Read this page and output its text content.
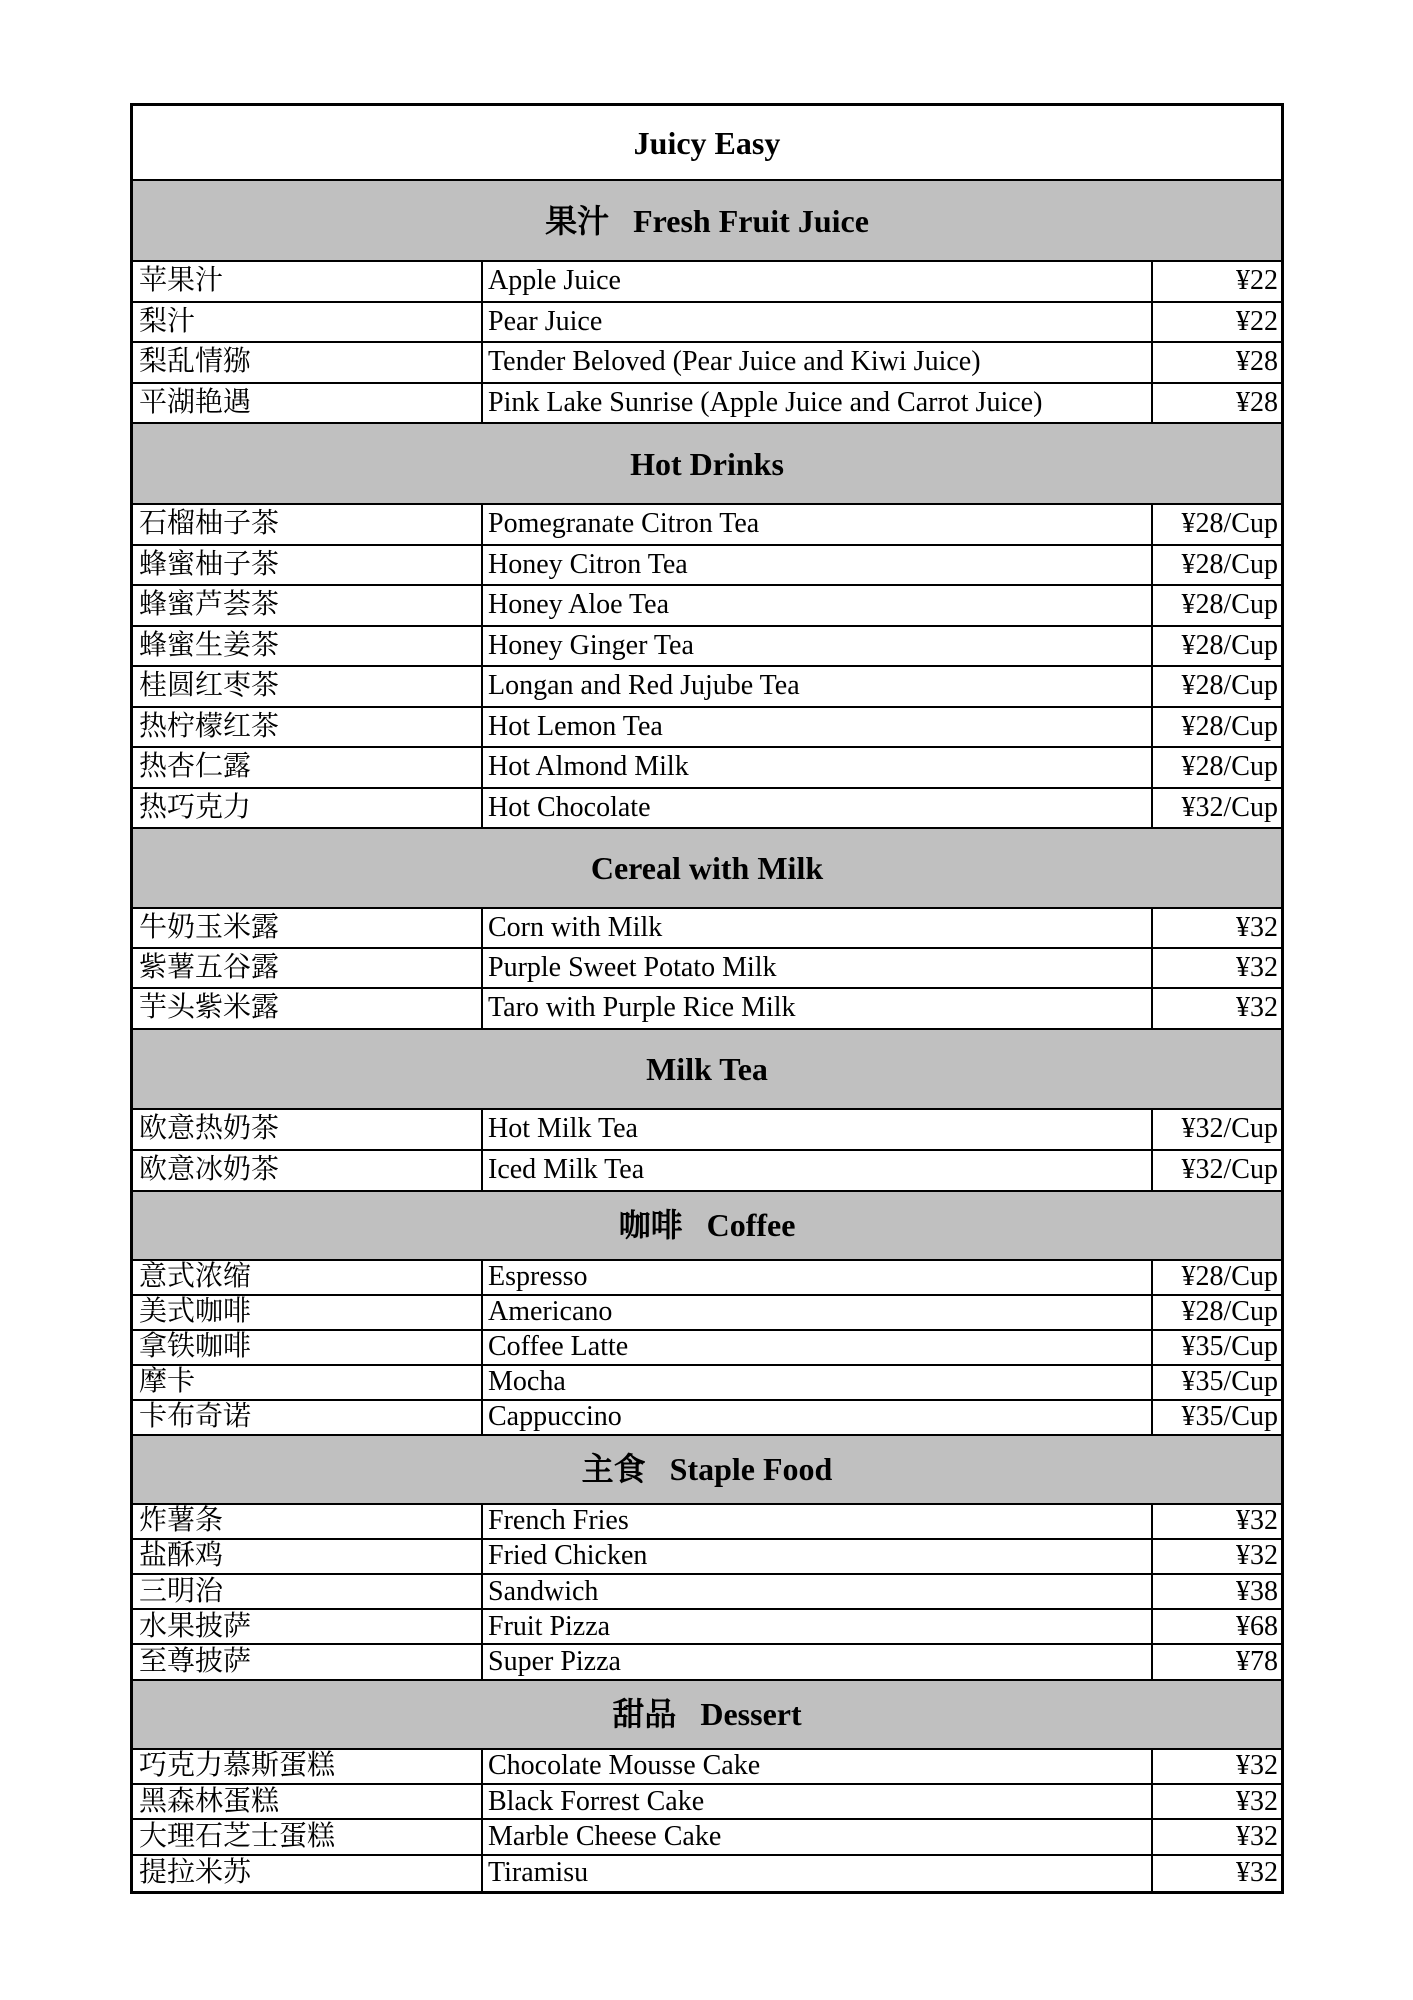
Juicy Easy
果汁 Fresh Fruit Juice
苹果汁	Apple Juice	¥22
梨汁	Pear Juice	¥22
梨乱情猕	Tender Beloved (Pear Juice and Kiwi Juice)	¥28
平湖艳遇	Pink Lake Sunrise (Apple Juice and Carrot Juice)	¥28
Hot Drinks
石榴柚子茶	Pomegranate Citron Tea	¥28/Cup
蜂蜜柚子茶	Honey Citron Tea	¥28/Cup
蜂蜜芦荟茶	Honey Aloe Tea	¥28/Cup
蜂蜜生姜茶	Honey Ginger Tea	¥28/Cup
桂圆红枣茶	Longan and Red Jujube Tea	¥28/Cup
热柠檬红茶	Hot Lemon Tea	¥28/Cup
热杏仁露	Hot Almond Milk	¥28/Cup
热巧克力	Hot Chocolate	¥32/Cup
Cereal with Milk
牛奶玉米露	Corn with Milk	¥32
紫薯五谷露	Purple Sweet Potato Milk	¥32
芋头紫米露	Taro with Purple Rice Milk	¥32
Milk Tea
欧意热奶茶	Hot Milk Tea	¥32/Cup
欧意冰奶茶	Iced Milk Tea	¥32/Cup
咖啡 Coffee
意式浓缩	Espresso	¥28/Cup
美式咖啡	Americano	¥28/Cup
拿铁咖啡	Coffee Latte	¥35/Cup
摩卡	Mocha	¥35/Cup
卡布奇诺	Cappuccino	¥35/Cup
主食 Staple Food
炸薯条	French Fries	¥32
盐酥鸡	Fried Chicken	¥32
三明治	Sandwich	¥38
水果披萨	Fruit Pizza	¥68
至尊披萨	Super Pizza	¥78
甜品 Dessert
巧克力慕斯蛋糕	Chocolate Mousse Cake	¥32
黑森林蛋糕	Black Forrest Cake	¥32
大理石芝士蛋糕	Marble Cheese Cake	¥32
提拉米苏	Tiramisu	¥32
